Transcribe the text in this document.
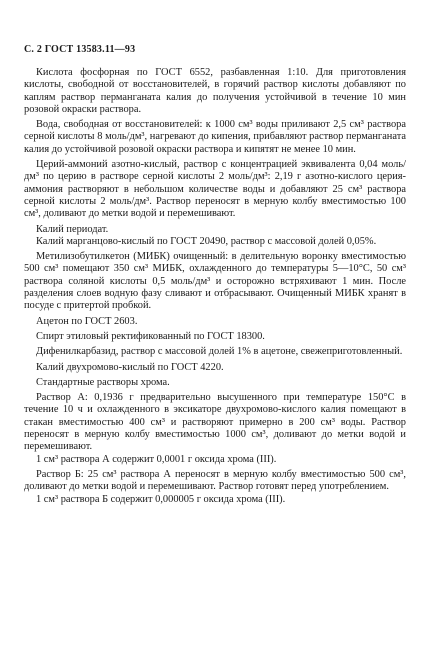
С. 2 ГОСТ 13583.11—93

Кислота фосфорная по ГОСТ 6552, разбавленная 1:10. Для приготовления кислоты, свободной от восстановителей, в горячий раствор кислоты добавляют по каплям раствор перманганата калия до получения устойчивой в течение 10 мин розовой окраски раствора.

Вода, свободная от восстановителей: к 1000 см³ воды приливают 2,5 см³ раствора серной кислоты 8 моль/дм³, нагревают до кипения, прибавляют раствор перманганата калия до устойчивой розовой окраски раствора и кипятят не менее 10 мин.

Церий-аммоний азотно-кислый, раствор с концентрацией эквивалента 0,04 моль/дм³ по церию в растворе серной кислоты 2 моль/дм³: 2,19 г азотно-кислого церия-аммония растворяют в небольшом количестве воды и добавляют 25 см³ раствора серной кислоты 2 моль/дм³. Раствор переносят в мерную колбу вместимостью 100 см³, доливают до метки водой и перемешивают.

Калий периодат.

Калий марганцово-кислый по ГОСТ 20490, раствор с массовой долей 0,05%.

Метилизобутилкетон (МИБК) очищенный: в делительную воронку вместимостью 500 см³ помещают 350 см³ МИБК, охлажденного до температуры 5—10°С, 50 см³ раствора соляной кислоты 0,5 моль/дм³ и осторожно встряхивают 1 мин. После разделения слоев водную фазу сливают и отбрасывают. Очищенный МИБК хранят в посуде с притертой пробкой.

Ацетон по ГОСТ 2603.

Спирт этиловый ректификованный по ГОСТ 18300.

Дифенилкарбазид, раствор с массовой долей 1% в ацетоне, свежеприготовленный.

Калий двухромово-кислый по ГОСТ 4220.

Стандартные растворы хрома.

Раствор А: 0,1936 г предварительно высушенного при температуре 150°С в течение 10 ч и охлажденного в эксикаторе двухромово-кислого калия помещают в стакан вместимостью 400 см³ и растворяют примерно в 200 см³ воды. Раствор переносят в мерную колбу вместимостью 1000 см³, доливают до метки водой и перемешивают.

1 см³ раствора А содержит 0,0001 г оксида хрома (III).

Раствор Б: 25 см³ раствора А переносят в мерную колбу вместимостью 500 см³, доливают до метки водой и перемешивают. Раствор готовят перед употреблением.

1 см³ раствора Б содержит 0,000005 г оксида хрома (III).
